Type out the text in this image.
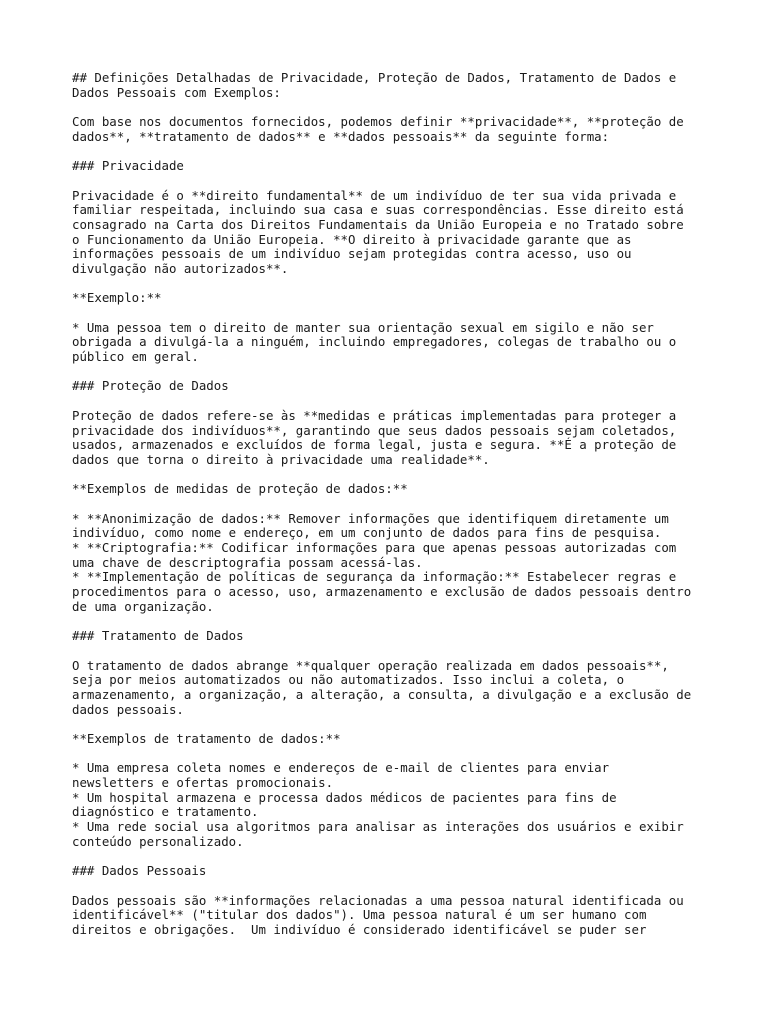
## Definições Detalhadas de Privacidade, Proteção de Dados, Tratamento de Dados e
Dados Pessoais com Exemplos:

Com base nos documentos fornecidos, podemos definir **privacidade**, **proteção de
dados**, **tratamento de dados** e **dados pessoais** da seguinte forma:

### Privacidade

Privacidade é o **direito fundamental** de um indivíduo de ter sua vida privada e
familiar respeitada, incluindo sua casa e suas correspondências. Esse direito está
consagrado na Carta dos Direitos Fundamentais da União Europeia e no Tratado sobre
o Funcionamento da União Europeia. **O direito à privacidade garante que as
informações pessoais de um indivíduo sejam protegidas contra acesso, uso ou
divulgação não autorizados**.

**Exemplo:**

* Uma pessoa tem o direito de manter sua orientação sexual em sigilo e não ser
obrigada a divulgá-la a ninguém, incluindo empregadores, colegas de trabalho ou o
público em geral.

### Proteção de Dados

Proteção de dados refere-se às **medidas e práticas implementadas para proteger a
privacidade dos indivíduos**, garantindo que seus dados pessoais sejam coletados,
usados, armazenados e excluídos de forma legal, justa e segura. **É a proteção de
dados que torna o direito à privacidade uma realidade**.

**Exemplos de medidas de proteção de dados:**

* **Anonimização de dados:** Remover informações que identifiquem diretamente um
indivíduo, como nome e endereço, em um conjunto de dados para fins de pesquisa.
* **Criptografia:** Codificar informações para que apenas pessoas autorizadas com
uma chave de descriptografia possam acessá-las.
* **Implementação de políticas de segurança da informação:** Estabelecer regras e
procedimentos para o acesso, uso, armazenamento e exclusão de dados pessoais dentro
de uma organização.

### Tratamento de Dados

O tratamento de dados abrange **qualquer operação realizada em dados pessoais**,
seja por meios automatizados ou não automatizados. Isso inclui a coleta, o
armazenamento, a organização, a alteração, a consulta, a divulgação e a exclusão de
dados pessoais.

**Exemplos de tratamento de dados:**

* Uma empresa coleta nomes e endereços de e-mail de clientes para enviar
newsletters e ofertas promocionais.
* Um hospital armazena e processa dados médicos de pacientes para fins de
diagnóstico e tratamento.
* Uma rede social usa algoritmos para analisar as interações dos usuários e exibir
conteúdo personalizado.

### Dados Pessoais

Dados pessoais são **informações relacionadas a uma pessoa natural identificada ou
identificável** ("titular dos dados"). Uma pessoa natural é um ser humano com
direitos e obrigações.  Um indivíduo é considerado identificável se puder ser
